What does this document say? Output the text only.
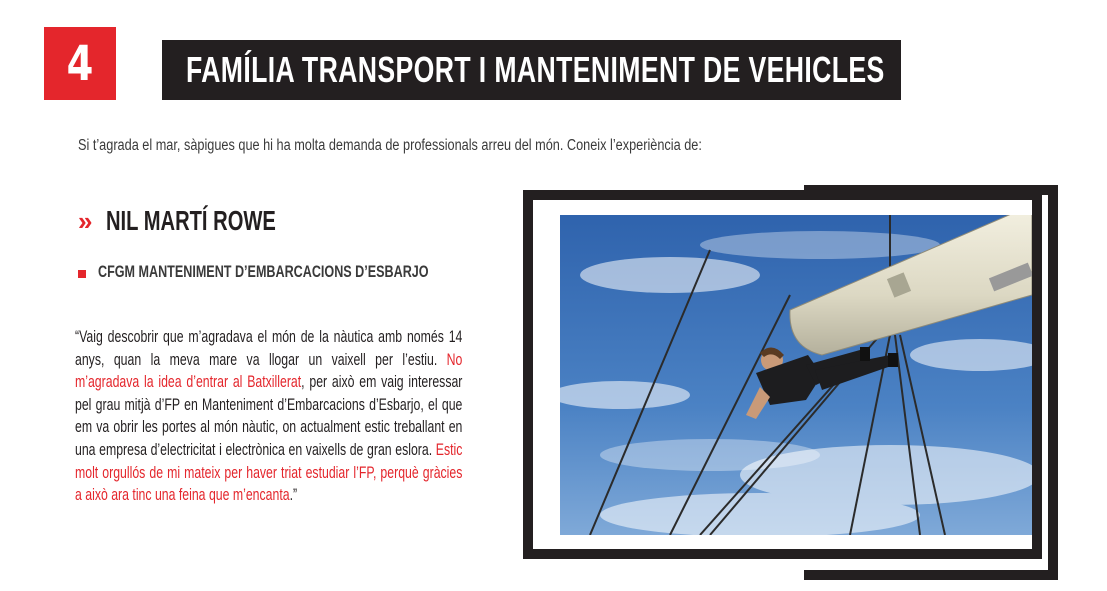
4	FAMÍLIA TRANSPORT I MANTENIMENT DE VEHICLES
Si t’agrada el mar, sàpigues que hi ha molta demanda de professionals arreu del món. Coneix l’experiència de:
» NIL MARTÍ ROWE
CFGM MANTENIMENT D’EMBARCACIONS D’ESBARJO
“Vaig descobrir que m’agradava el món de la nàutica amb només 14 anys, quan la meva mare va llogar un vaixell per l’estiu. No m’agradava la idea d’entrar al Batxillerat, per això em vaig interessar pel grau mitjà d’FP en Manteniment d’Embarcacions d’Esbarjo, el que em va obrir les portes al món nàutic, on actualment estic treballant en una empresa d’electricitat i electrònica en vaixells de gran eslora. Estic molt orgullós de mi mateix per haver triat estudiar l’FP, perquè gràcies a això ara tinc una feina que m’encanta.”
